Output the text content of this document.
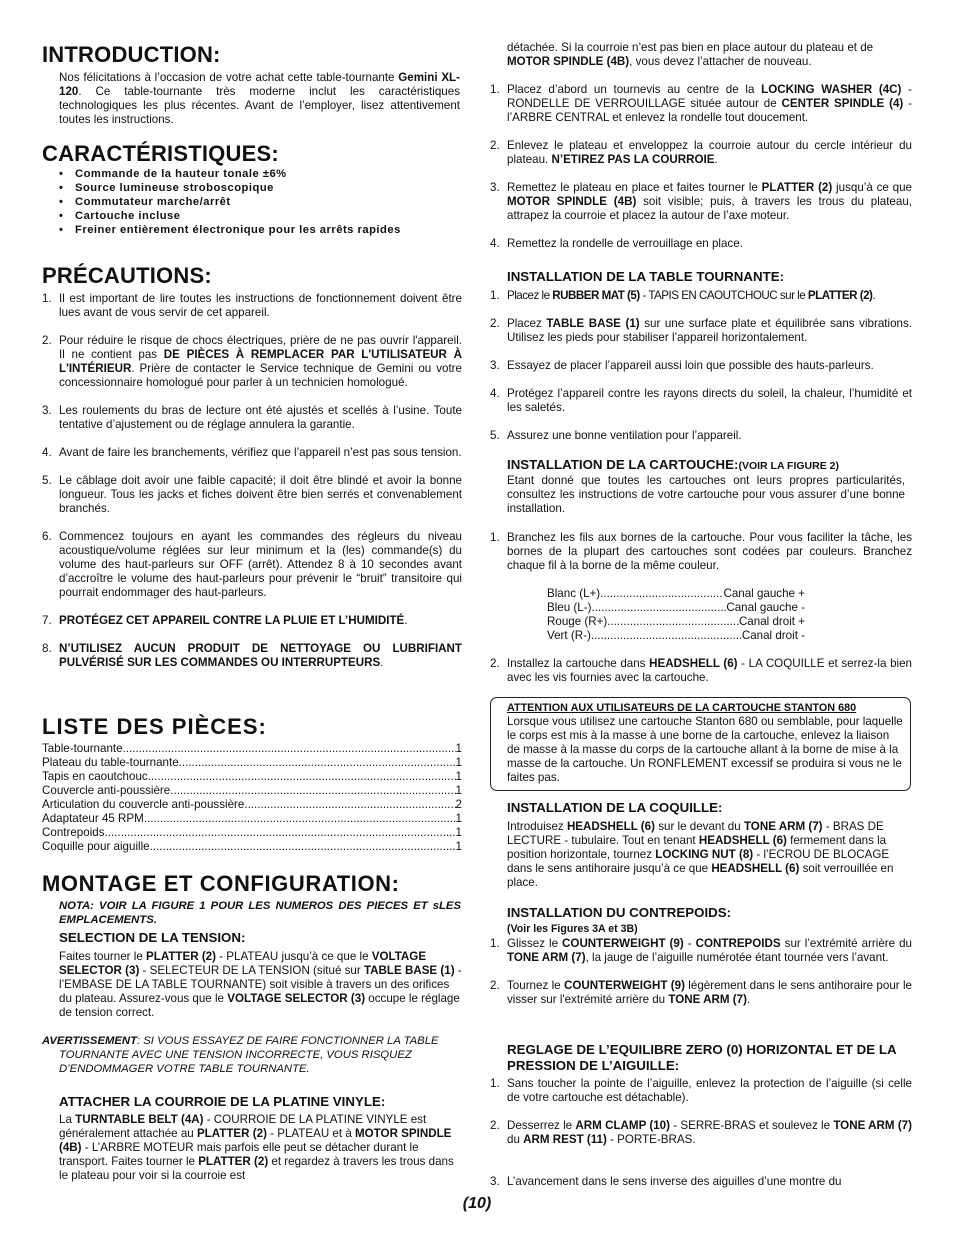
INTRODUCTION:

Nos félicitations à l’occasion de votre achat cette table-tournante Gemini XL-120. Ce table-tournante très moderne inclut les caractéristiques technologiques les plus récentes. Avant de l’employer, lisez attentivement toutes les instructions.

CARACTÉRISTIQUES:
• Commande de la hauteur tonale ±6%
• Source lumineuse stroboscopique
• Commutateur marche/arrêt
• Cartouche incluse
• Freiner entièrement électronique pour les arrêts rapides
PRÉCAUTIONS:
1. Il est important de lire toutes les instructions de fonctionnement doivent être lues avant de vous servir de cet appareil.
2. Pour réduire le risque de chocs électriques, prière de ne pas ouvrir l'appareil. Il ne contient pas DE PIÈCES À REMPLACER PAR L'UTILISATEUR À L'INTÉRIEUR. Prière de contacter le Service technique de Gemini ou votre concessionnaire homologué pour parler à un technicien homologué.
3. Les roulements du bras de lecture ont été ajustés et scellés à l’usine. Toute tentative d’ajustement ou de réglage annulera la garantie.
4. Avant de faire les branchements, vérifiez que l’appareil n’est pas sous tension.
5. Le câblage doit avoir une faible capacité; il doit être blindé et avoir la bonne longueur. Tous les jacks et fiches doivent être bien serrés et convenablement branchés.
6. Commencez toujours en ayant les commandes des régleurs du niveau acoustique/volume réglées sur leur minimum et la (les) commande(s) du volume des haut-parleurs sur OFF (arrêt). Attendez 8 à 10 secondes avant d’accroître le volume des haut-parleurs pour prévenir le “bruit” transitoire qui pourrait endommager des haut-parleurs.
7. PROTÉGEZ CET APPAREIL CONTRE LA PLUIE ET L’HUMIDITÉ.
8. N’UTILISEZ AUCUN PRODUIT DE NETTOYAGE OU LUBRIFIANT PULVÉRISÉ SUR LES COMMANDES OU INTERRUPTEURS.
LISTE DES PIÈCES:
Table-tournante .....	1
Plateau du table-tournante .....	1
Tapis en caoutchouc .....	1
Couvercle anti-poussière .....	1
Articulation du couvercle anti-poussière .....	2
Adaptateur 45 RPM .....	1
Contrepoids .....	1
Coquille pour aiguille .....	1
MONTAGE ET CONFIGURATION:

NOTA: VOIR LA FIGURE 1 POUR LES NUMEROS DES PIECES ET sLES EMPLACEMENTS.

SELECTION DE LA TENSION:

Faites tourner le PLATTER (2) - PLATEAU jusqu’à ce que le VOLTAGE SELECTOR (3) - SELECTEUR DE LA TENSION (situé sur TABLE BASE (1) - l’EMBASE DE LA TABLE TOURNANTE) soit visible à travers un des orifices du plateau. Assurez-vous que le VOLTAGE SELECTOR (3) occupe le réglage de tension correct.

AVERTISSEMENT: SI VOUS ESSAYEZ DE FAIRE FONCTIONNER LA TABLE TOURNANTE AVEC UNE TENSION INCORRECTE, VOUS RISQUEZ D’ENDOMMAGER VOTRE TABLE TOURNANTE.

ATTACHER LA COURROIE DE LA PLATINE VINYLE:

La TURNTABLE BELT (4A) - COURROIE DE LA PLATINE VINYLE est généralement attachée au PLATTER (2) - PLATEAU et à MOTOR SPINDLE (4B) - L’ARBRE MOTEUR mais parfois elle peut se détacher durant le transport. Faites tourner le PLATTER (2) et regardez à travers les trous dans le plateau pour voir si la courroie est

détachée. Si la courroie n’est pas bien en place autour du plateau et de MOTOR SPINDLE (4B), vous devez l’attacher de nouveau.

1. Placez d’abord un tournevis au centre de la LOCKING WASHER (4C) - RONDELLE DE VERROUILLAGE située autour de CENTER SPINDLE (4) - l’ARBRE CENTRAL et enlevez la rondelle tout doucement.
2. Enlevez le plateau et enveloppez la courroie autour du cercle intérieur du plateau. N’ETIREZ PAS LA COURROIE.
3. Remettez le plateau en place et faites tourner le PLATTER (2) jusqu’à ce que MOTOR SPINDLE (4B) soit visible; puis, à travers les trous du plateau, attrapez la courroie et placez la autour de l’axe moteur.
4. Remettez la rondelle de verrouillage en place.
INSTALLATION DE LA TABLE TOURNANTE:
1. Placez le RUBBER MAT (5) - TAPIS EN CAOUTCHOUC sur le PLATTER (2).
2. Placez TABLE BASE (1) sur une surface plate et équilibrée sans vibrations. Utilisez les pieds pour stabiliser l’appareil horizontalement.
3. Essayez de placer l’appareil aussi loin que possible des hauts-parleurs.
4. Protégez l’appareil contre les rayons directs du soleil, la chaleur, l’humidité et les saletés.
5. Assurez une bonne ventilation pour l’appareil.
INSTALLATION DE LA CARTOUCHE:(VOIR LA FIGURE 2)

Etant donné que toutes les cartouches ont leurs propres particularités, consultez les instructions de votre cartouche pour vous assurer d’une bonne installation.

1. Branchez les fils aux bornes de la cartouche. Pour vous faciliter la tâche, les bornes de la plupart des cartouches sont codées par couleurs. Branchez chaque fil à la borne de la même couleur.
Blanc (L+) .....	Canal gauche +
Bleu (L-) .....	Canal gauche -
Rouge (R+) .....	Canal droit +
Vert (R-) .....	Canal droit -
2. Installez la cartouche dans HEADSHELL (6) - LA COQUILLE et serrez-la bien avec les vis fournies avec la cartouche.
ATTENTION AUX UTILISATEURS DE LA CARTOUCHE STANTON 680

Lorsque vous utilisez une cartouche Stanton 680 ou semblable, pour laquelle le corps est mis à la masse à une borne de la cartouche, enlevez la liaison de masse à la masse du corps de la cartouche allant à la borne de mise à la masse de la cartouche. Un RONFLEMENT excessif se produira si vous ne le faites pas.

INSTALLATION DE LA COQUILLE:

Introduisez HEADSHELL (6) sur le devant du TONE ARM (7) - BRAS DE LECTURE - tubulaire. Tout en tenant HEADSHELL (6) fermement dans la position horizontale, tournez LOCKING NUT (8) - l’ECROU DE BLOCAGE dans le sens antihoraire jusqu’à ce que HEADSHELL (6) soit verrouillée en place.

INSTALLATION DU CONTREPOIDS:
(Voir les Figures 3A et 3B)
1. Glissez le COUNTERWEIGHT (9) - CONTREPOIDS sur l’extrémité arrière du TONE ARM (7), la jauge de l’aiguille numérotée étant tournée vers l’avant.
2. Tournez le COUNTERWEIGHT (9) légèrement dans le sens antihoraire pour le visser sur l'extrémité arrière du TONE ARM (7).
REGLAGE DE L’EQUILIBRE ZERO (0) HORIZONTAL ET DE LA PRESSION DE L’AIGUILLE:
1. Sans toucher la pointe de l’aiguille, enlevez la protection de l’aiguille (si celle de votre cartouche est détachable).
2. Desserrez le ARM CLAMP (10) - SERRE-BRAS et soulevez le TONE ARM (7) du ARM REST (11) - PORTE-BRAS.
3. L’avancement dans le sens inverse des aiguilles d’une montre du
(10)
